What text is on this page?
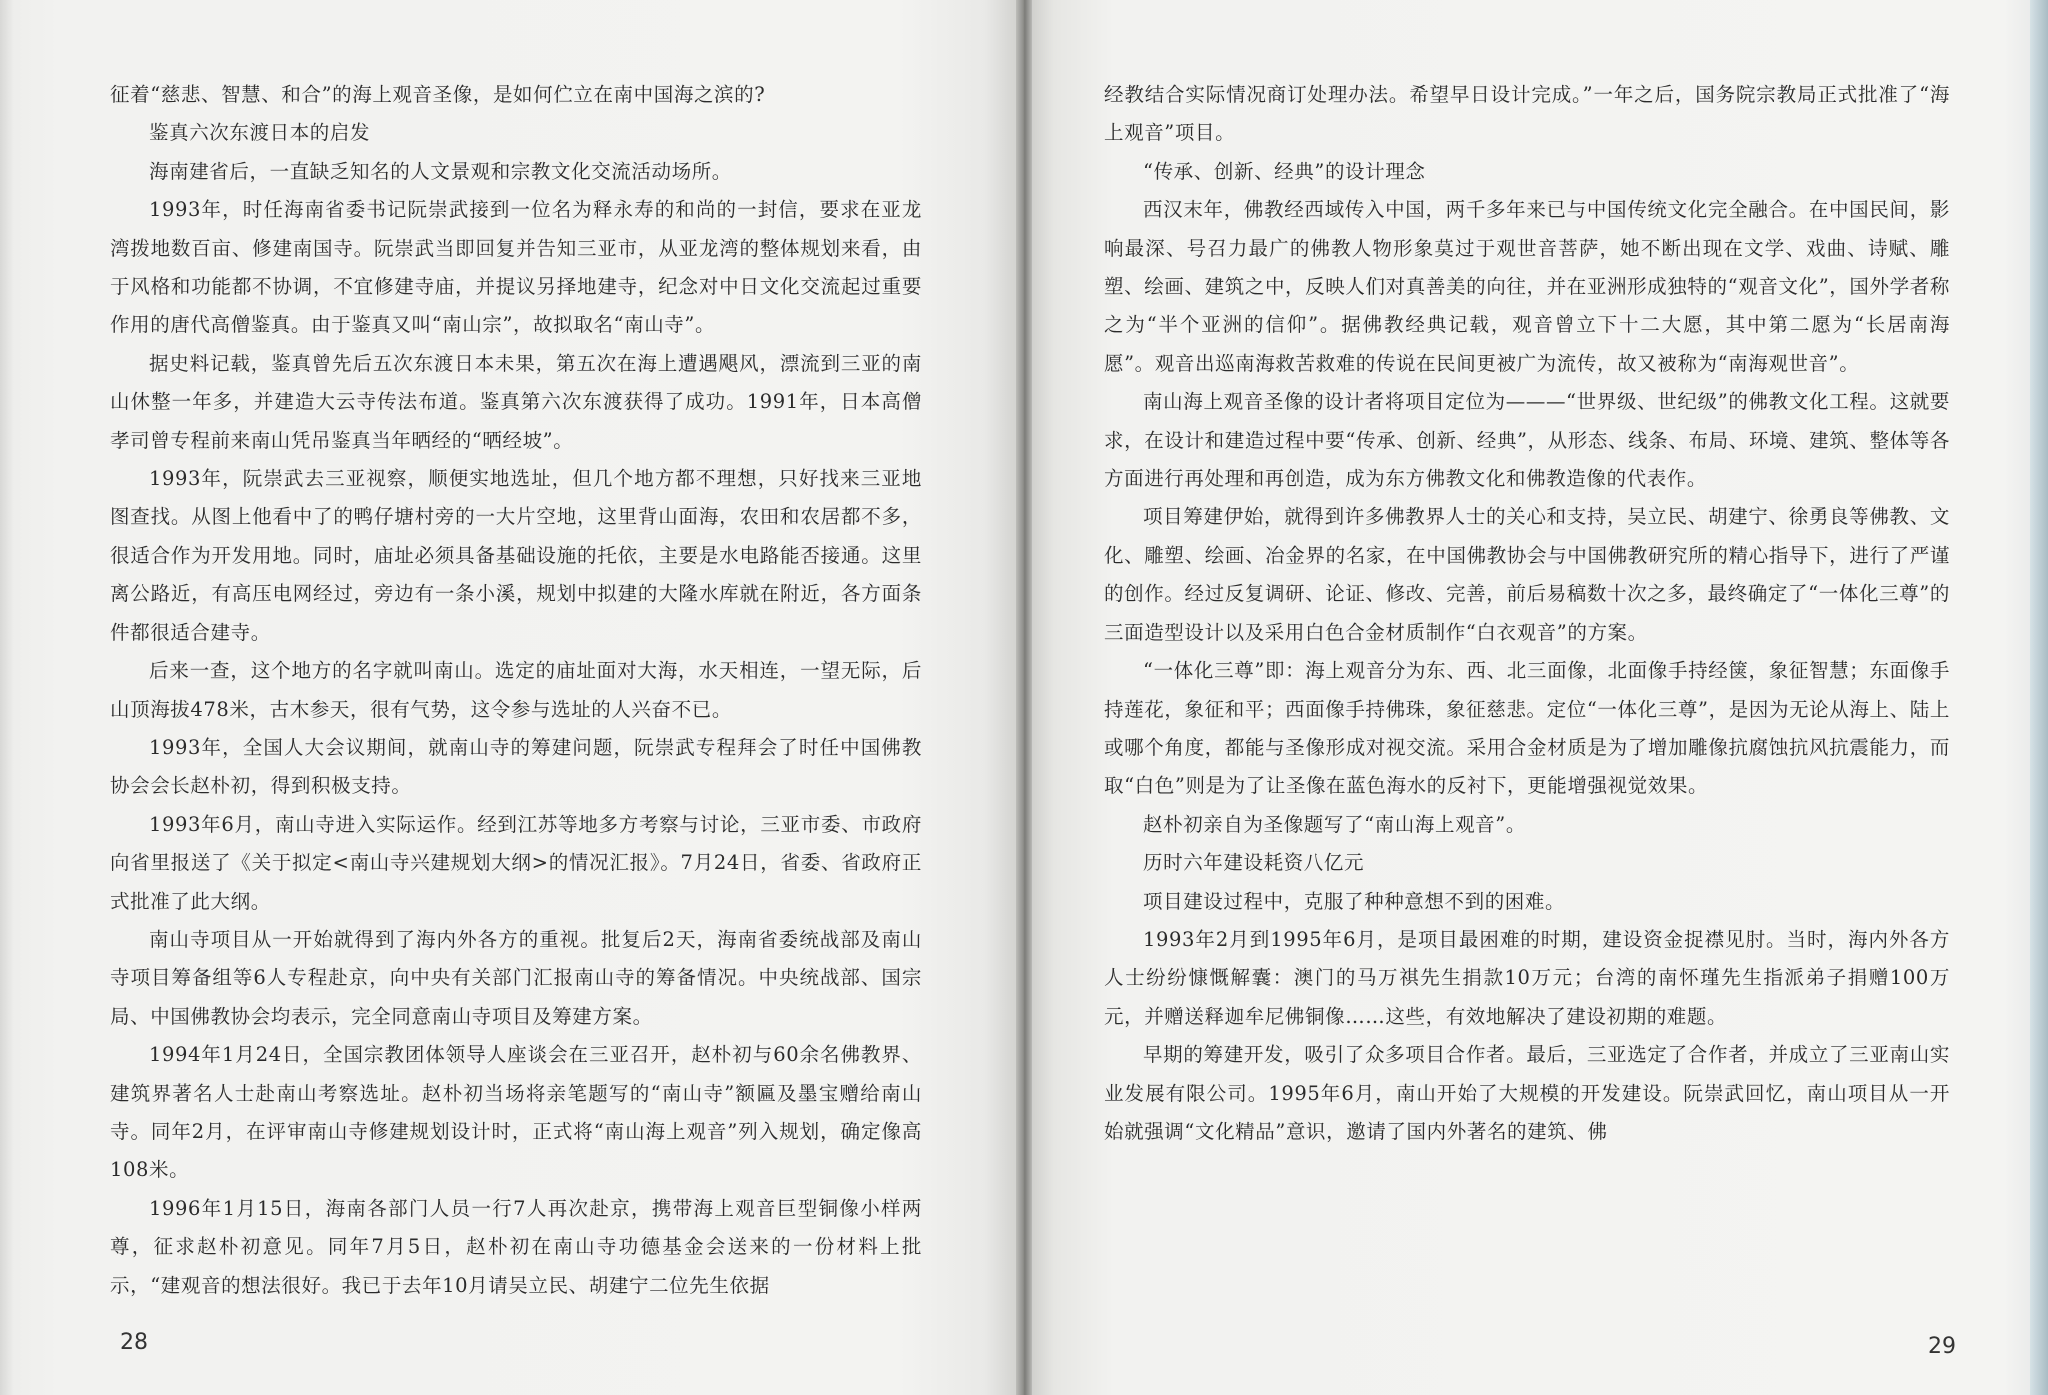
征着“慈悲、智慧、和合”的海上观音圣像，是如何伫立在南中国海之滨的?

鉴真六次东渡日本的启发

海南建省后，一直缺乏知名的人文景观和宗教文化交流活动场所。

1993年，时任海南省委书记阮崇武接到一位名为释永寿的和尚的一封信，要求在亚龙湾拨地数百亩、修建南国寺。阮崇武当即回复并告知三亚市，从亚龙湾的整体规划来看，由于风格和功能都不协调，不宜修建寺庙，并提议另择地建寺，纪念对中日文化交流起过重要作用的唐代高僧鉴真。由于鉴真又叫“南山宗”，故拟取名“南山寺”。

据史料记载，鉴真曾先后五次东渡日本未果，第五次在海上遭遇飓风，漂流到三亚的南山休整一年多，并建造大云寺传法布道。鉴真第六次东渡获得了成功。1991年，日本高僧孝司曾专程前来南山凭吊鉴真当年晒经的“晒经坡”。

1993年，阮崇武去三亚视察，顺便实地选址，但几个地方都不理想，只好找来三亚地图查找。从图上他看中了的鸭仔塘村旁的一大片空地，这里背山面海，农田和农居都不多，很适合作为开发用地。同时，庙址必须具备基础设施的托依，主要是水电路能否接通。这里离公路近，有高压电网经过，旁边有一条小溪，规划中拟建的大隆水库就在附近，各方面条件都很适合建寺。

后来一查，这个地方的名字就叫南山。选定的庙址面对大海，水天相连，一望无际，后山顶海拔478米，古木参天，很有气势，这令参与选址的人兴奋不已。

1993年，全国人大会议期间，就南山寺的筹建问题，阮崇武专程拜会了时任中国佛教协会会长赵朴初，得到积极支持。

1993年6月，南山寺进入实际运作。经到江苏等地多方考察与讨论，三亚市委、市政府向省里报送了《关于拟定<南山寺兴建规划大纲>的情况汇报》。7月24日，省委、省政府正式批准了此大纲。

南山寺项目从一开始就得到了海内外各方的重视。批复后2天，海南省委统战部及南山寺项目筹备组等6人专程赴京，向中央有关部门汇报南山寺的筹备情况。中央统战部、国宗局、中国佛教协会均表示，完全同意南山寺项目及筹建方案。

1994年1月24日，全国宗教团体领导人座谈会在三亚召开，赵朴初与60余名佛教界、建筑界著名人士赴南山考察选址。赵朴初当场将亲笔题写的“南山寺”额匾及墨宝赠给南山寺。同年2月，在评审南山寺修建规划设计时，正式将“南山海上观音”列入规划，确定像高108米。

1996年1月15日，海南各部门人员一行7人再次赴京，携带海上观音巨型铜像小样两尊，征求赵朴初意见。同年7月5日，赵朴初在南山寺功德基金会送来的一份材料上批示，“建观音的想法很好。我已于去年10月请吴立民、胡建宁二位先生依据

28

经教结合实际情况商订处理办法。希望早日设计完成。”一年之后，国务院宗教局正式批准了“海上观音”项目。

“传承、创新、经典”的设计理念

西汉末年，佛教经西域传入中国，两千多年来已与中国传统文化完全融合。在中国民间，影响最深、号召力最广的佛教人物形象莫过于观世音菩萨，她不断出现在文学、戏曲、诗赋、雕塑、绘画、建筑之中，反映人们对真善美的向往，并在亚洲形成独特的“观音文化”，国外学者称之为“半个亚洲的信仰”。据佛教经典记载，观音曾立下十二大愿，其中第二愿为“长居南海愿”。观音出巡南海救苦救难的传说在民间更被广为流传，故又被称为“南海观世音”。

南山海上观音圣像的设计者将项目定位为———“世界级、世纪级”的佛教文化工程。这就要求，在设计和建造过程中要“传承、创新、经典”，从形态、线条、布局、环境、建筑、整体等各方面进行再处理和再创造，成为东方佛教文化和佛教造像的代表作。

项目筹建伊始，就得到许多佛教界人士的关心和支持，吴立民、胡建宁、徐勇良等佛教、文化、雕塑、绘画、冶金界的名家，在中国佛教协会与中国佛教研究所的精心指导下，进行了严谨的创作。经过反复调研、论证、修改、完善，前后易稿数十次之多，最终确定了“一体化三尊”的三面造型设计以及采用白色合金材质制作“白衣观音”的方案。

“一体化三尊”即：海上观音分为东、西、北三面像，北面像手持经箧，象征智慧；东面像手持莲花，象征和平；西面像手持佛珠，象征慈悲。定位“一体化三尊”，是因为无论从海上、陆上或哪个角度，都能与圣像形成对视交流。采用合金材质是为了增加雕像抗腐蚀抗风抗震能力，而取“白色”则是为了让圣像在蓝色海水的反衬下，更能增强视觉效果。

赵朴初亲自为圣像题写了“南山海上观音”。

历时六年建设耗资八亿元

项目建设过程中，克服了种种意想不到的困难。

1993年2月到1995年6月，是项目最困难的时期，建设资金捉襟见肘。当时，海内外各方人士纷纷慷慨解囊：澳门的马万祺先生捐款10万元；台湾的南怀瑾先生指派弟子捐赠100万元，并赠送释迦牟尼佛铜像……这些，有效地解决了建设初期的难题。

早期的筹建开发，吸引了众多项目合作者。最后，三亚选定了合作者，并成立了三亚南山实业发展有限公司。1995年6月，南山开始了大规模的开发建设。阮崇武回忆，南山项目从一开始就强调“文化精品”意识，邀请了国内外著名的建筑、佛

29
